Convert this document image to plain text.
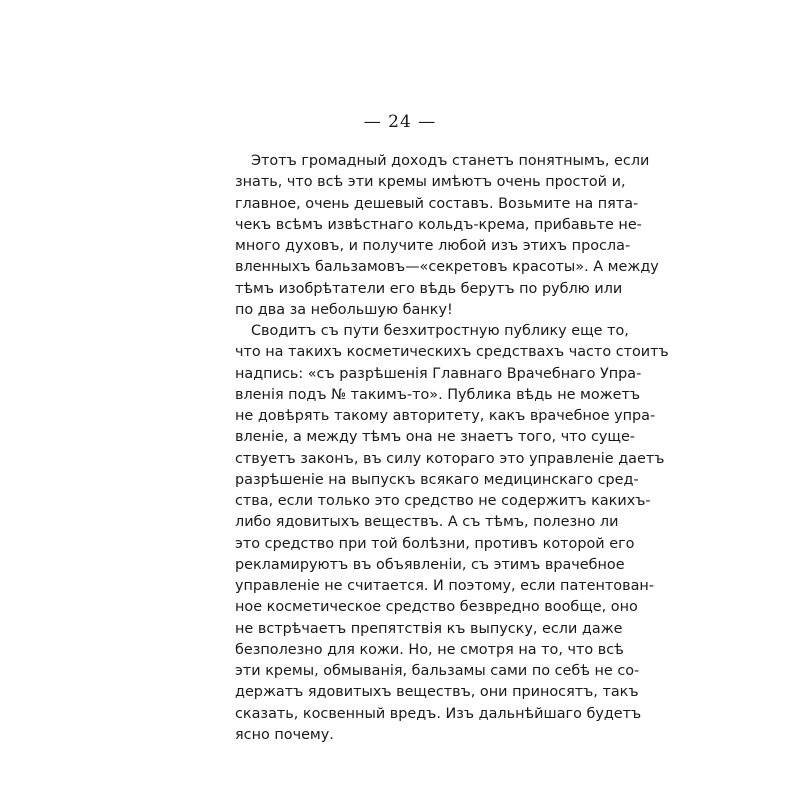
— 24 —
Этотъ громадный доходъ станетъ понятнымъ, если
знать, что всѣ эти кремы имѣютъ очень простой и,
главное, очень дешевый составъ. Возьмите на пята-
чекъ всѣмъ извѣстнаго кольдъ-крема, прибавьте не-
много духовъ, и получите любой изъ этихъ просла-
вленныхъ бальзамовъ—«секретовъ красоты». А между
тѣмъ изобрѣтатели его вѣдь берутъ по рублю или
по два за небольшую банку!
Сводитъ съ пути безхитростную публику еще то,
что на такихъ косметическихъ средствахъ часто стоитъ
надпись: «съ разрѣшенія Главнаго Врачебнаго Упра-
вленія подъ № такимъ-то». Публика вѣдь не можетъ
не довѣрять такому авторитету, какъ врачебное упра-
вленіе, а между тѣмъ она не знаетъ того, что суще-
ствуетъ законъ, въ силу котораго это управленіе даетъ
разрѣшеніе на выпускъ всякаго медицинскаго сред-
ства, если только это средство не содержитъ какихъ-
либо ядовитыхъ веществъ. А съ тѣмъ, полезно ли
это средство при той болѣзни, противъ которой его
рекламируютъ въ объявленіи, съ этимъ врачебное
управленіе не считается. И поэтому, если патентован-
ное косметическое средство безвредно вообще, оно
не встрѣчаетъ препятствія къ выпуску, если даже
безполезно для кожи. Но, не смотря на то, что всѣ
эти кремы, обмыванія, бальзамы сами по себѣ не со-
держатъ ядовитыхъ веществъ, они приносятъ, такъ
сказать, косвенный вредъ. Изъ дальнѣйшаго будетъ
ясно почему.
